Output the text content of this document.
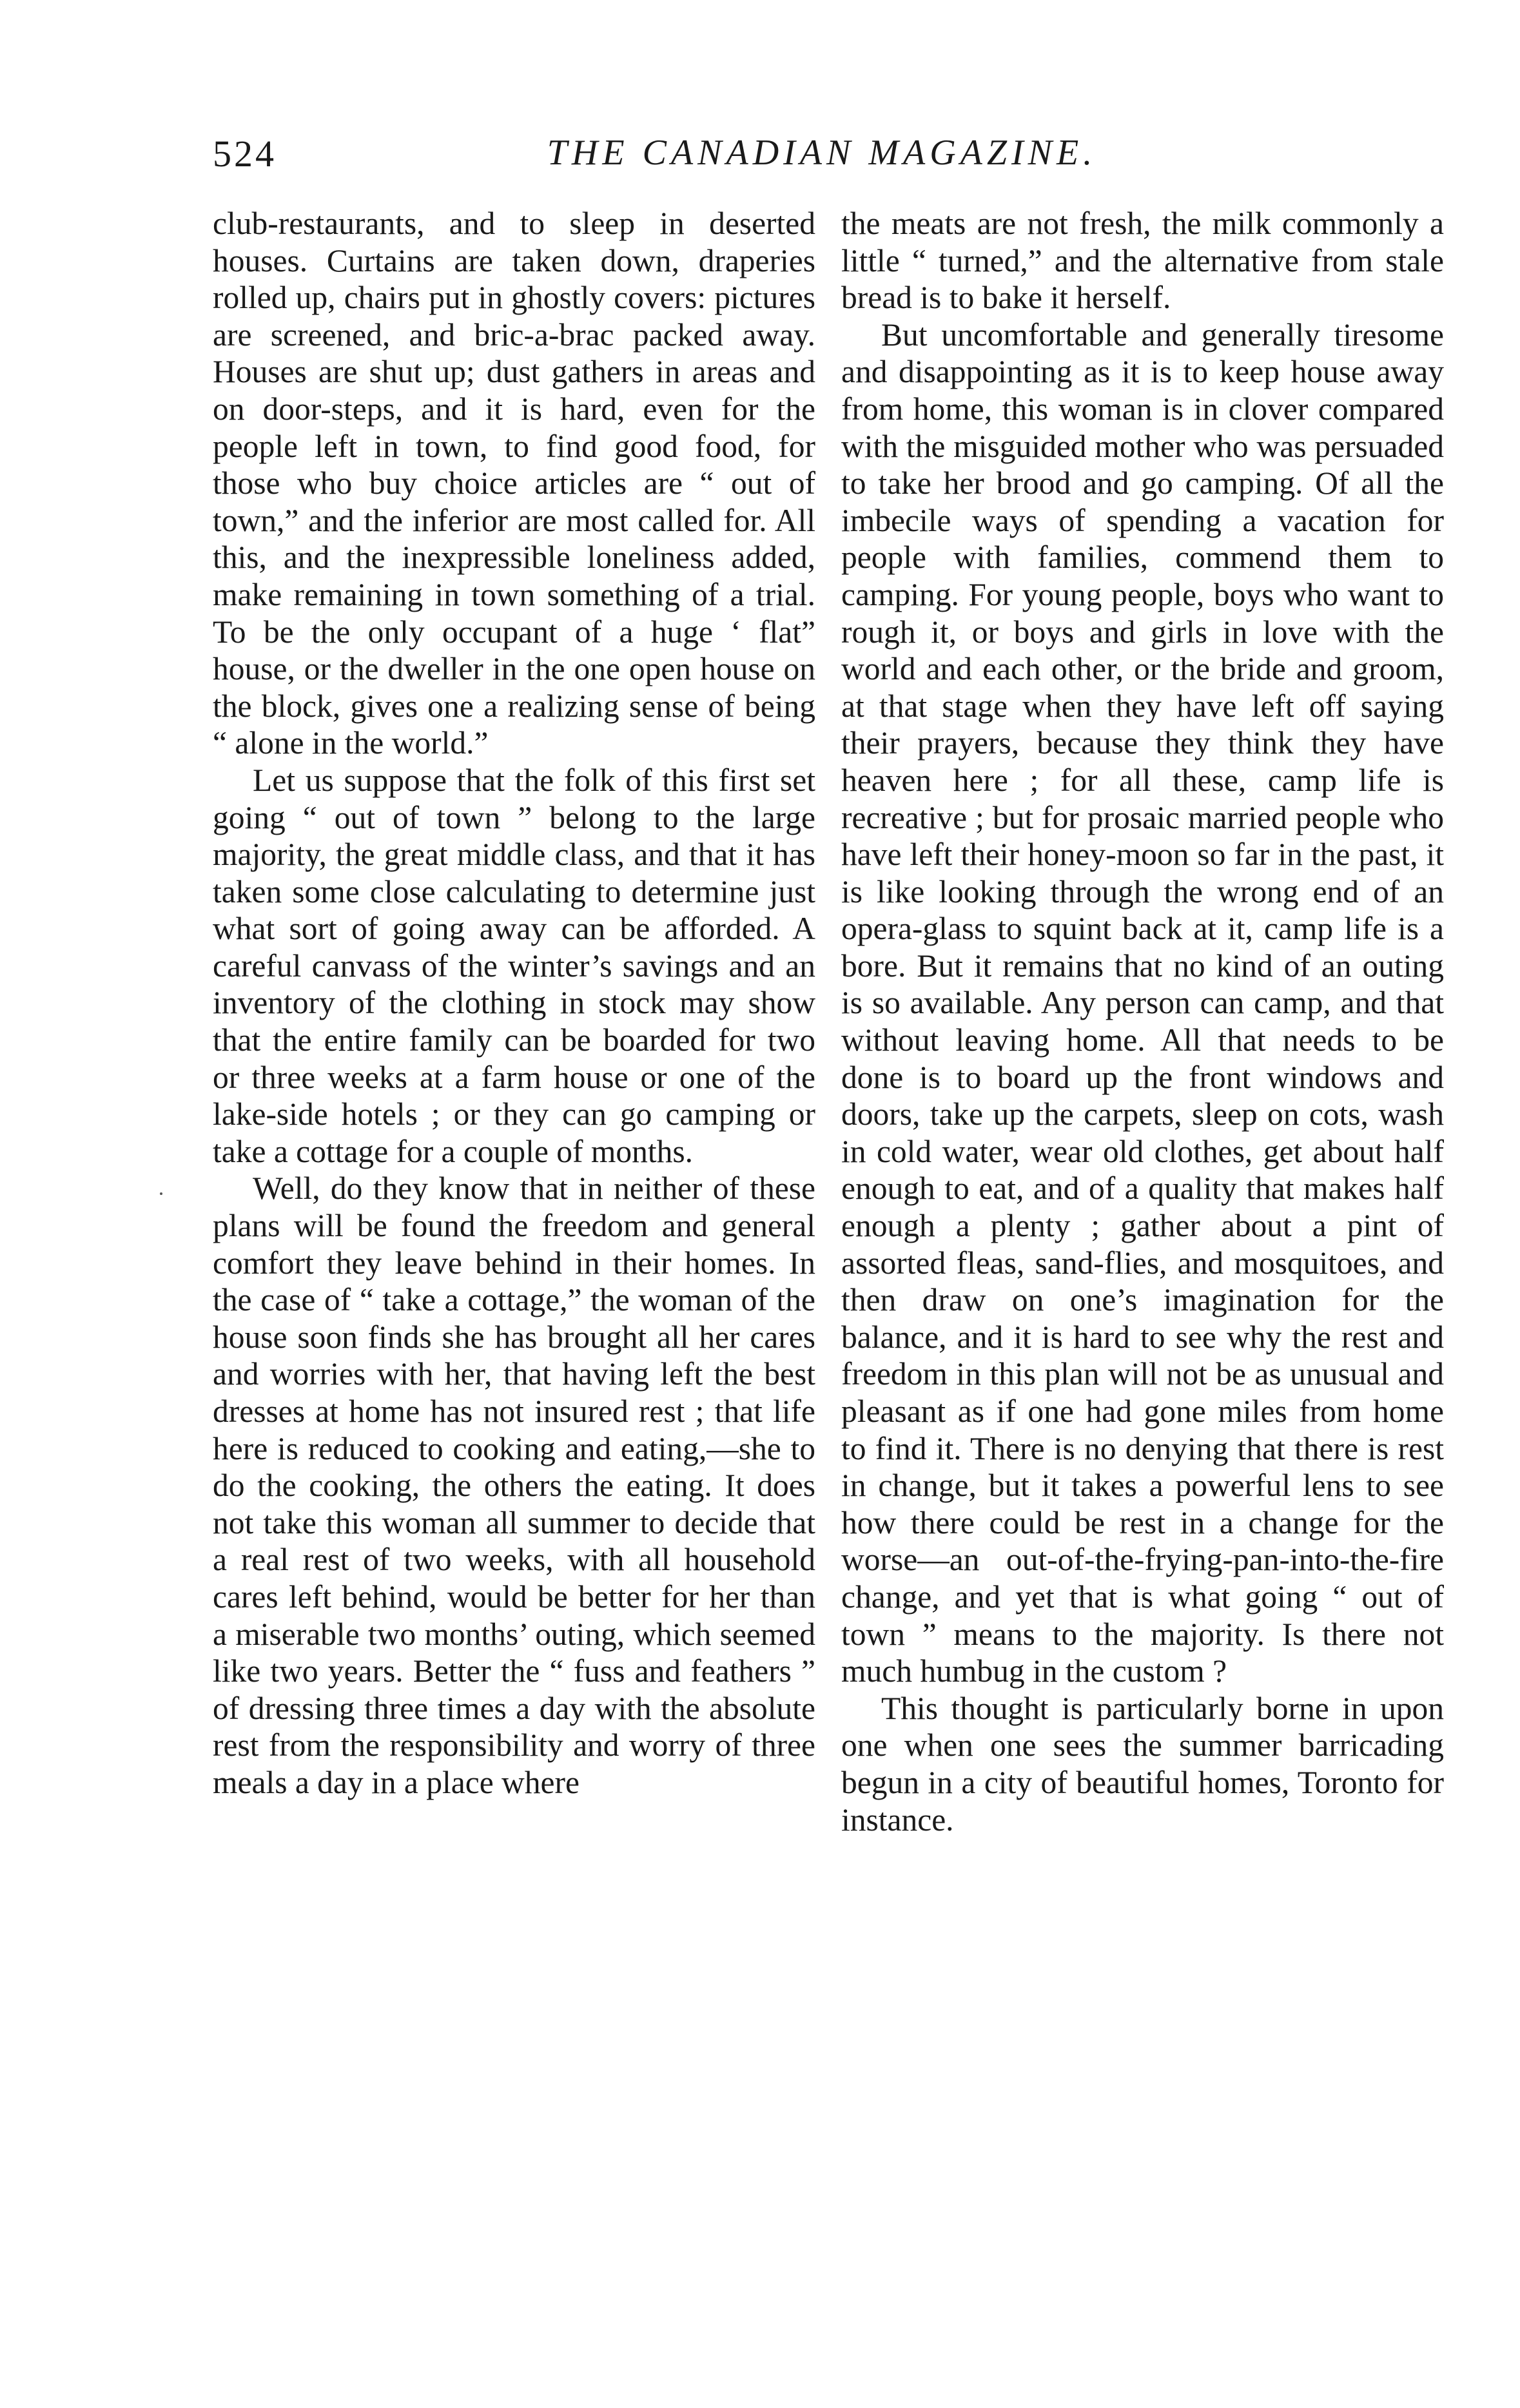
524	THE CANADIAN MAGAZINE.

club-restaurants, and to sleep in deserted houses. Curtains are taken down, draperies rolled up, chairs put in ghostly covers: pictures are screened, and bric-a-brac packed away. Houses are shut up; dust gathers in areas and on door-steps, and it is hard, even for the people left in town, to find good food, for those who buy choice articles are “ out of town,” and the inferior are most called for. All this, and the inexpressible loneliness added, make remaining in town something of a trial. To be the only occupant of a huge ‘ flat” house, or the dweller in the one open house on the block, gives one a realizing sense of being “ alone in the world.”

Let us suppose that the folk of this first set going “ out of town ” belong to the large majority, the great middle class, and that it has taken some close calculating to determine just what sort of going away can be afforded. A careful canvass of the winter’s savings and an inventory of the clothing in stock may show that the entire family can be boarded for two or three weeks at a farm house or one of the lake-side hotels ; or they can go camping or take a cottage for a couple of months.

Well, do they know that in neither of these plans will be found the freedom and general comfort they leave behind in their homes. In the case of “ take a cottage,” the woman of the house soon finds she has brought all her cares and worries with her, that having left the best dresses at home has not insured rest ; that life here is reduced to cooking and eating,—she to do the cooking, the others the eating. It does not take this woman all summer to decide that a real rest of two weeks, with all household cares left behind, would be better for her than a miserable two months’ outing, which seemed like two years. Better the “ fuss and feathers ” of dressing three times a day with the absolute rest from the responsibility and worry of three meals a day in a place where

the meats are not fresh, the milk commonly a little “ turned,” and the alternative from stale bread is to bake it herself.

But uncomfortable and generally tiresome and disappointing as it is to keep house away from home, this woman is in clover compared with the misguided mother who was persuaded to take her brood and go camping. Of all the imbecile ways of spending a vacation for people with families, commend them to camping. For young people, boys who want to rough it, or boys and girls in love with the world and each other, or the bride and groom, at that stage when they have left off saying their prayers, because they think they have heaven here ; for all these, camp life is recreative ; but for prosaic married people who have left their honey-moon so far in the past, it is like looking through the wrong end of an opera-glass to squint back at it, camp life is a bore. But it remains that no kind of an outing is so available. Any person can camp, and that without leaving home. All that needs to be done is to board up the front windows and doors, take up the carpets, sleep on cots, wash in cold water, wear old clothes, get about half enough to eat, and of a quality that makes half enough a plenty ; gather about a pint of assorted fleas, sand-flies, and mosquitoes, and then draw on one’s imagination for the balance, and it is hard to see why the rest and freedom in this plan will not be as unusual and pleasant as if one had gone miles from home to find it. There is no denying that there is rest in change, but it takes a powerful lens to see how there could be rest in a change for the worse—an out-of-the-frying-pan-into-the-fire change, and yet that is what going “ out of town ” means to the majority. Is there not much humbug in the custom ?

This thought is particularly borne in upon one when one sees the summer barricading begun in a city of beautiful homes, Toronto for instance.
